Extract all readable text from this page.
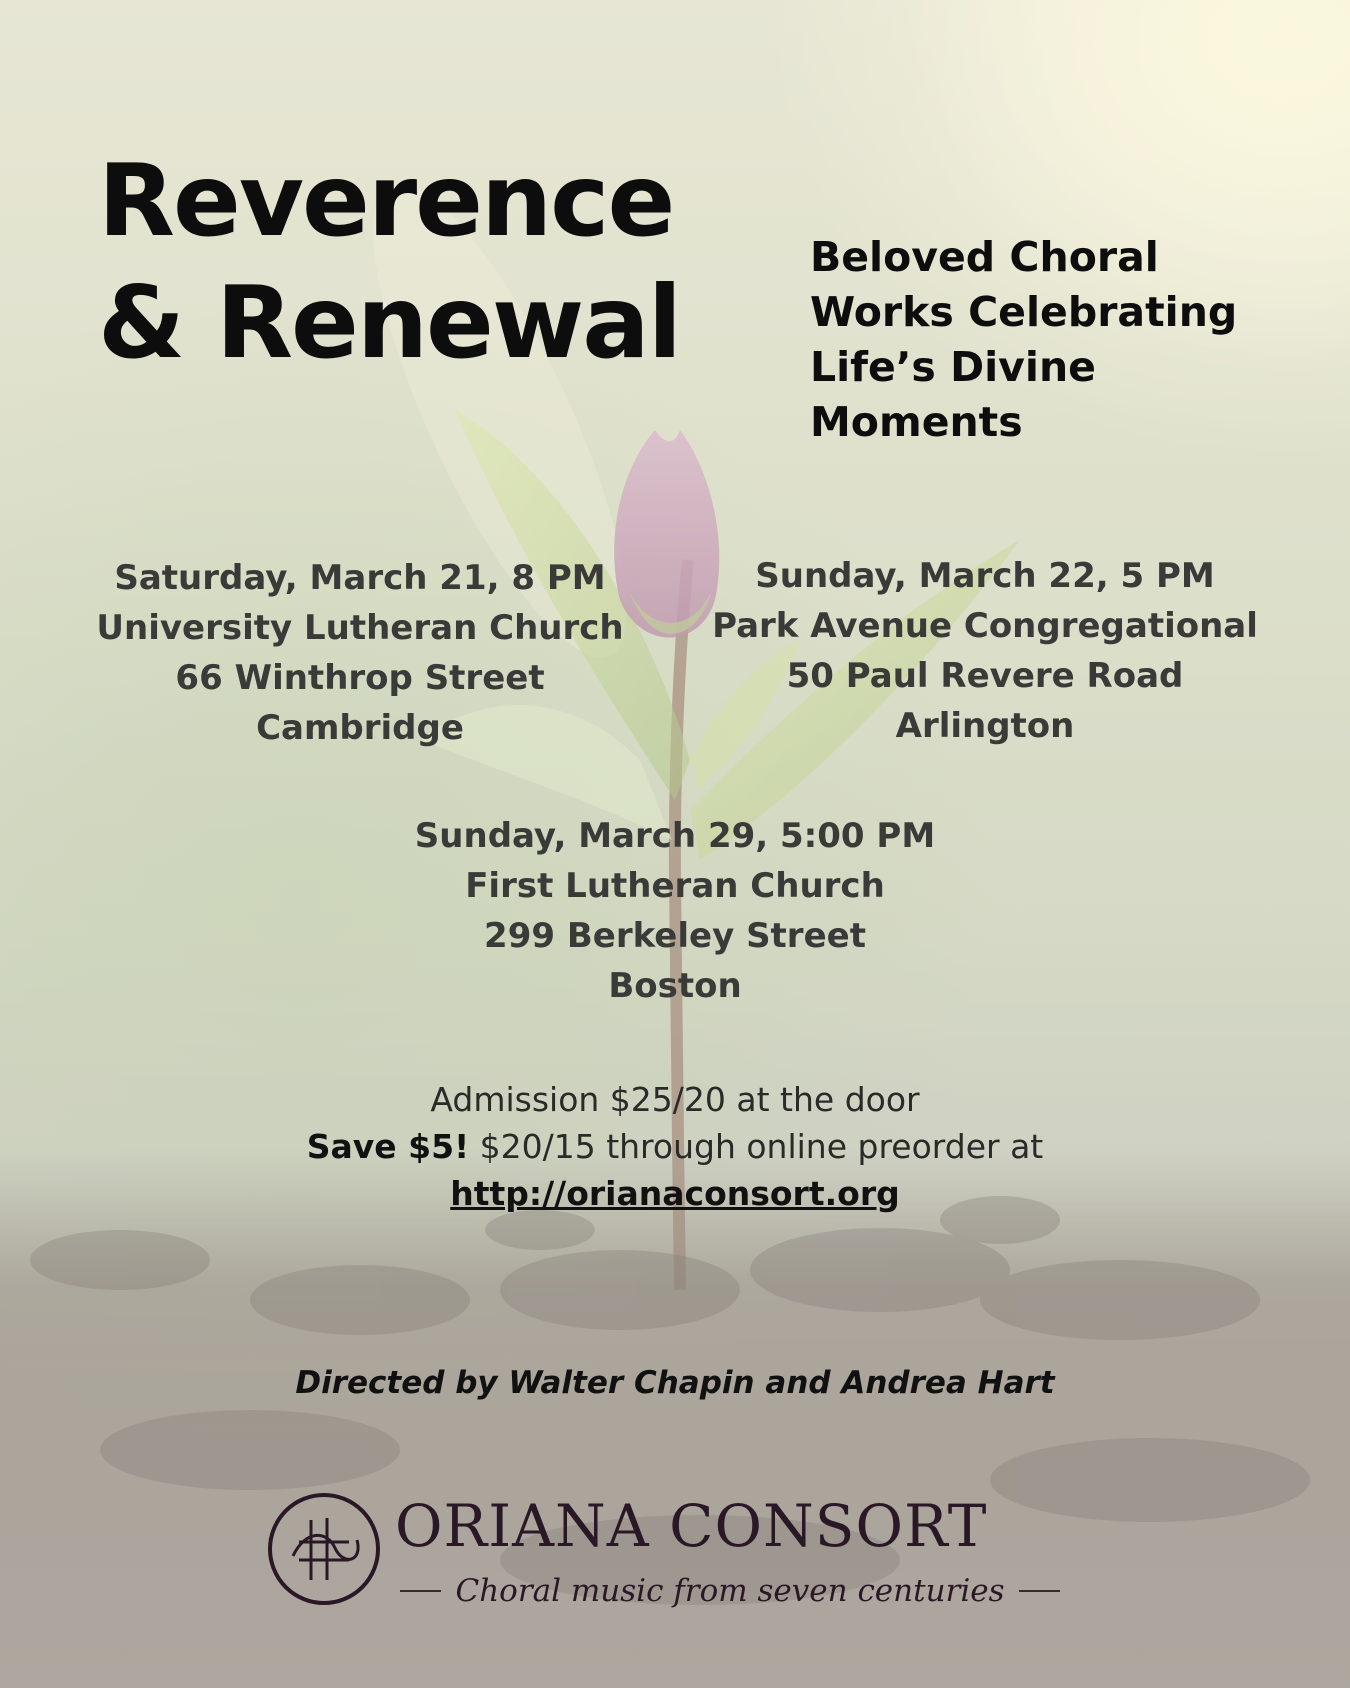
Reverence
& Renewal
Beloved Choral
Works Celebrating
Life’s Divine
Moments
Saturday, March 21, 8 PM
University Lutheran Church
66 Winthrop Street
Cambridge
Sunday, March 22, 5 PM
Park Avenue Congregational
50 Paul Revere Road
Arlington
Sunday, March 29, 5:00 PM
First Lutheran Church
299 Berkeley Street
Boston
Admission $25/20 at the door
Save $5! $20/15 through online preorder at
http://orianaconsort.org
Directed by Walter Chapin and Andrea Hart
ORIANA CONSORT
Choral music from seven centuries
